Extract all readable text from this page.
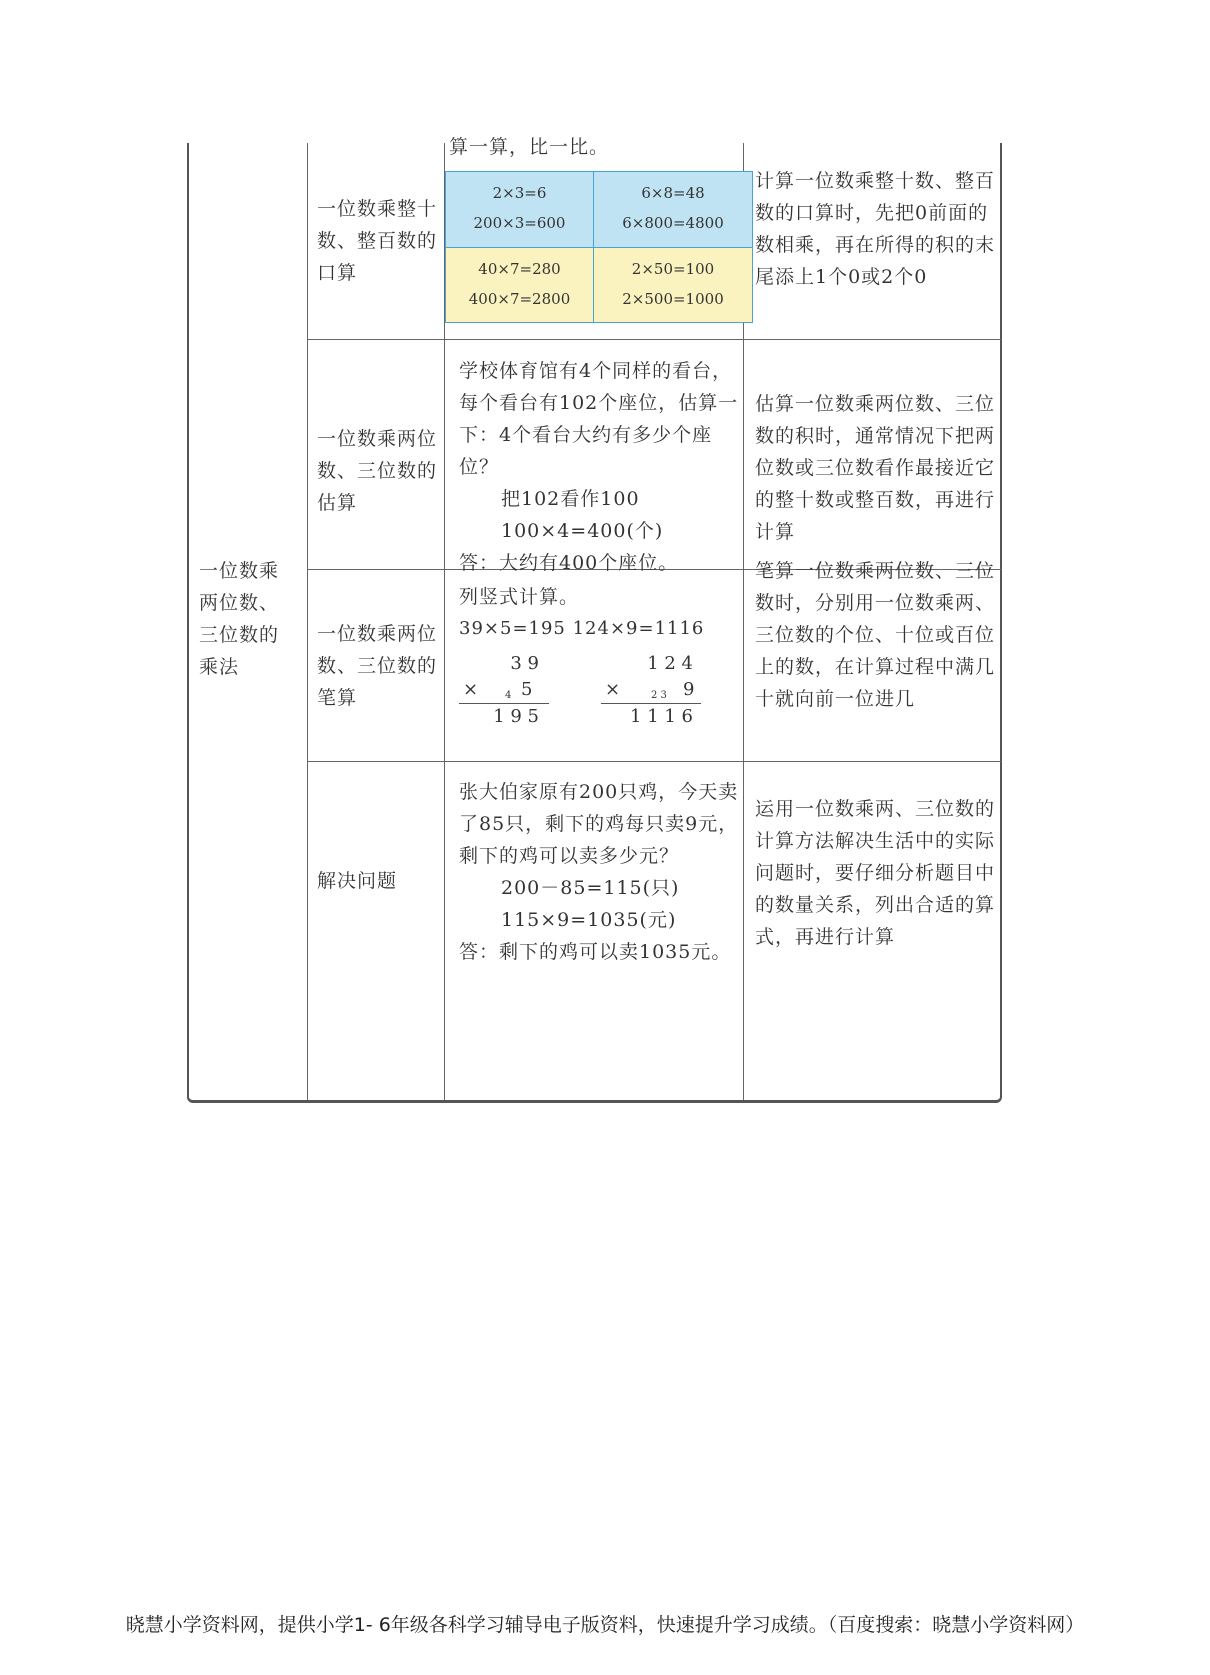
一位数乘两位数、三位数的乘法
算一算，比一比。
一位数乘整十数、整百数的口算
2×3=6
200×3=600
6×8=48
6×800=4800
40×7=280
400×7=2800
2×50=100
2×500=1000
计算一位数乘整十数、整百数的口算时，先把0前面的数相乘，再在所得的积的末尾添上1个0或2个0
一位数乘两位数、三位数的估算
学校体育馆有4个同样的看台，每个看台有102个座位，估算一下：4个看台大约有多少个座位？
把102看作100
100×4=400(个)
答：大约有400个座位。
估算一位数乘两位数、三位数的积时，通常情况下把两位数或三位数看作最接近它的整十数或整百数，再进行计算
一位数乘两位数、三位数的笔算
列竖式计算。
39×5=195 124×9=1116
3 9
×	4 5
1 9 5
1 2 4
×	2 3 9
1 1 1 6
笔算一位数乘两位数、三位数时，分别用一位数乘两、三位数的个位、十位或百位上的数，在计算过程中满几十就向前一位进几
解决问题
张大伯家原有200只鸡，今天卖了85只，剩下的鸡每只卖9元，剩下的鸡可以卖多少元？
200－85=115(只)
115×9=1035(元)
答：剩下的鸡可以卖1035元。
运用一位数乘两、三位数的计算方法解决生活中的实际问题时，要仔细分析题目中的数量关系，列出合适的算式，再进行计算
晓慧小学资料网，提供小学1- 6年级各科学习辅导电子版资料，快速提升学习成绩。（百度搜索：晓慧小学资料网）
